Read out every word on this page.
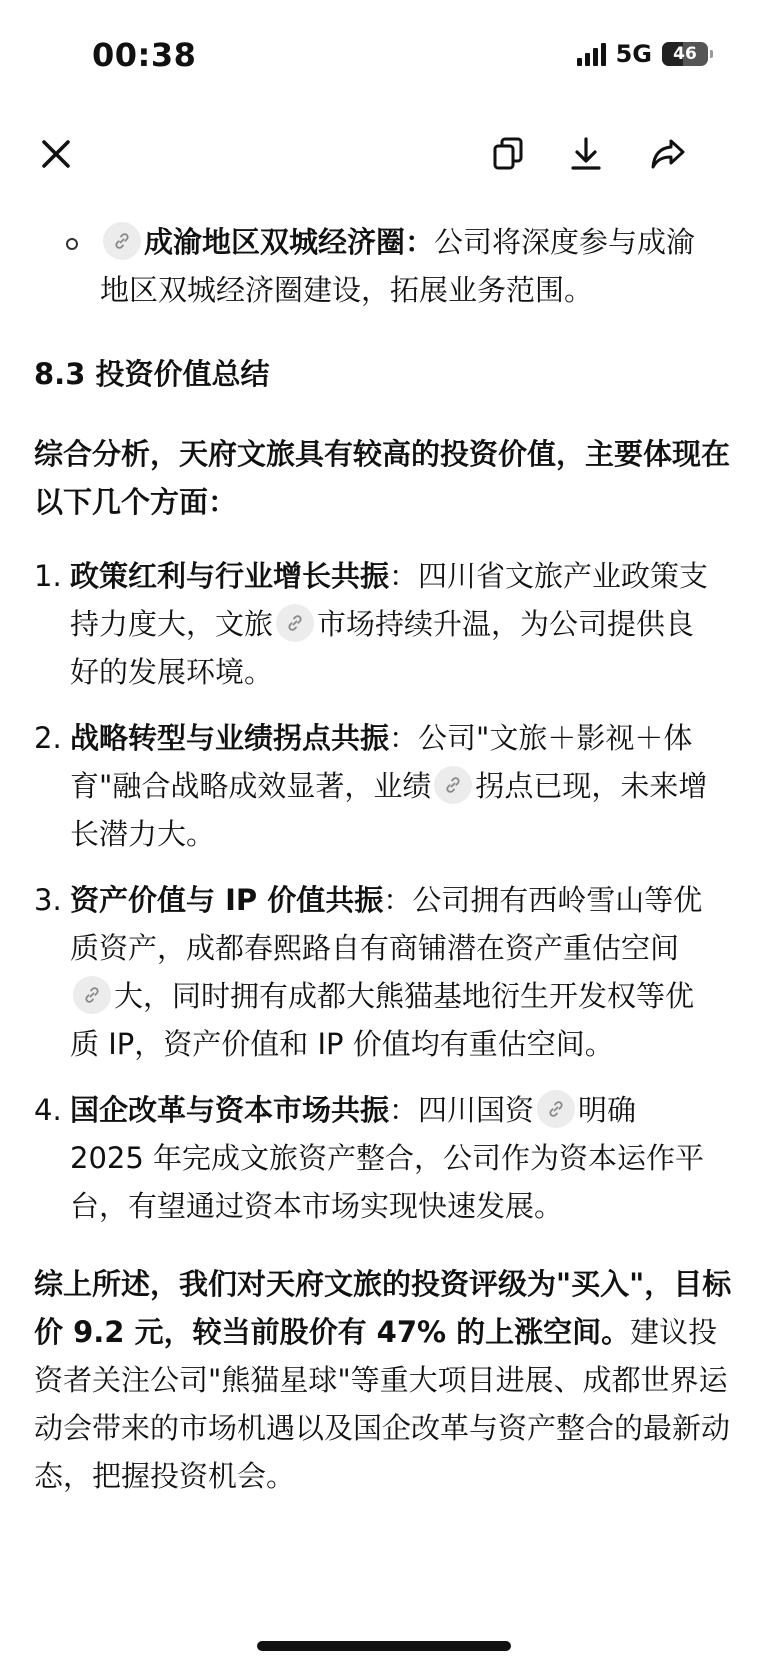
00:38	5G 46
成渝地区双城经济圈：公司将深度参与成渝地区双城经济圈建设，拓展业务范围。
8.3 投资价值总结
综合分析，天府文旅具有较高的投资价值，主要体现在以下几个方面：
1. 政策红利与行业增长共振：四川省文旅产业政策支持力度大，文旅 市场持续升温，为公司提供良好的发展环境。
2. 战略转型与业绩拐点共振：公司"文旅＋影视＋体育"融合战略成效显著，业绩 拐点已现，未来增长潜力大。
3. 资产价值与 IP 价值共振：公司拥有西岭雪山等优质资产，成都春熙路自有商铺潜在资产重估空间
大，同时拥有成都大熊猫基地衍生开发权等优质 IP，资产价值和 IP 价值均有重估空间。
4. 国企改革与资本市场共振：四川国资 明确 2025 年完成文旅资产整合，公司作为资本运作平台，有望通过资本市场实现快速发展。
综上所述，我们对天府文旅的投资评级为"买入"，目标价 9.2 元，较当前股价有 47% 的上涨空间。建议投资者关注公司"熊猫星球"等重大项目进展、成都世界运动会带来的市场机遇以及国企改革与资产整合的最新动态，把握投资机会。
